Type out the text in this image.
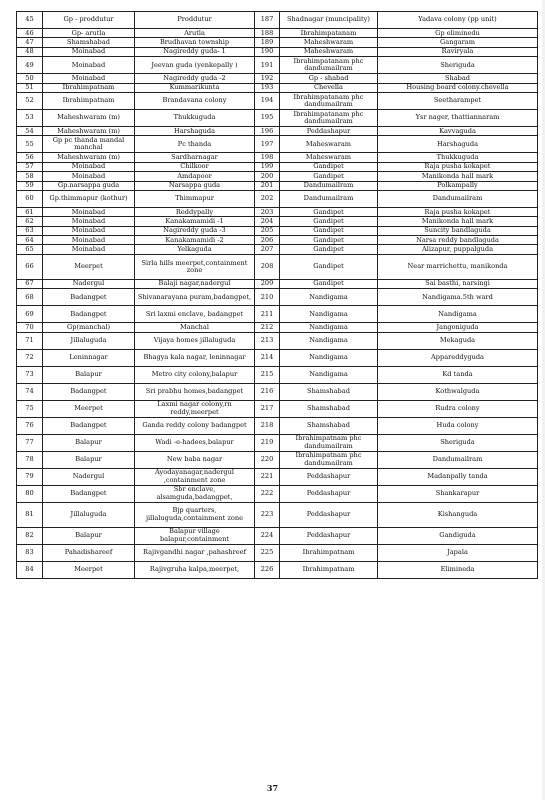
45	Gp - proddutur	Proddutur	187	Shadnagar (muncipality)	Yadava colony (pp unit)
46	Gp- arutla	Arutla	188	Ibrahimpatanam	Gp eliminedu
47	Shamshabad	Brudhavan township	189	Maheshwaram	Gangaram
48	Moinabad	Nagireddy guda- 1	190	Maheshwaram	Raviryala
49	Moinabad	Jeevan guda (yenkepally )	191	Ibrahimpatanam phc dandumailram	Sheriguda
50	Moinabad	Nagireddy guda -2	192	Gp - shabad	Shabad
51	Ibrahimpatnam	Kummarikunta	193	Chevella	Housing board colony.chevella
52	Ibrahimpatnam	Brandavana colony	194	Ibrahimpatanam phc dandumailram	Seetharampet
53	Maheshwaram (m)	Thukkuguda	195	Ibrahimpatanam phc dandumailram	Ysr nager, thattiannaram
54	Maheshwaram (m)	Harshaguda	196	Peddashapur	Kavvaguda
55	Gp pc thanda mandal manchal	Pc thanda	197	Maheswaram	Harshaguda
56	Maheshwaram (m)	Sardharnagar	198	Maheswaram	Thukkuguda
57	Moinabad	Chilkoor	199	Gandipet	Raja pusha kokapet
58	Moinabad	Amdapoor	200	Gandipet	Manikonda hall mark
59	Gp.narsappa guda	Narsappa guda	201	Dandumailram	Polkampally
60	Gp.thimmapur (kothur)	Thimmapur	202	Dandumailram	Dandumailram
61	Moinabad	Reddypally	203	Gandipet	Raja pusha kokapet
62	Moinabad	Kanakamamidi -1	204	Gandipet	Manikonda hall mark
63	Moinabad	Nagireddy guda -3	205	Gandipet	Suncity bandlaguda
64	Moinabad	Kanakamamidi -2	206	Gandipet	Narsa reddy bandlaguda
65	Moinabad	Yelkaguda	207	Gandipet	Alizapur, puppalguda
66	Meerpet	Sirla hills meerpet,containment zone	208	Gandipet	Near marrichettu, manikonda
67	Nadergul	Balaji nagar,nadergul	209	Gandipet	Sai basthi, narsingi
68	Badangpet	Shivanarayana puram,badangpet,	210	Nandigama	Nandigama.5th ward
69	Badangpet	Sri laxmi enclave, badangpet	211	Nandigama	Nandigama
70	Gp(manchal)	Manchal	212	Nandigama	Jangoniguda
71	Jillaluguda	Vijaya homes jillaluguda	213	Nandigama	Mekaguda
72	Leninnagar	Bhagya kala nagar, leninnagar	214	Nandigama	Appareddyguda
73	Balapur	Metro city colony,balapur	215	Nandigama	Kd tanda
74	Badangpet	Sri prabhu homes,badangpet	216	Shamshabad	Kothwalguda
75	Meerpet	Laxmi nagar colony,rn reddy,meerpet	217	Shamshabad	Rudra colony
76	Badangpet	Ganda reddy colony badangpet	218	Shamshabad	Huda colony
77	Balapur	Wadi -e-hadees,balapur	219	Ibrahimpatnam phc dandumailram	Sheriguda
78	Balapur	New baba nagar	220	Ibrahimpatnam phc dandumailram	Dandumailram
79	Nadergul	Ayodayanagar,nadergul ,containment zone	221	Peddashapur	Madanpally tanda
80	Badangpet	Sbr enclave, alsamguda,badangpet,	222	Peddashapur	Shankarapur
81	Jillaluguda	Bjp quarters, jillaluguda,containment zone	223	Peddashapur	Kishanguda
82	Balapur	Balapur village balapur,containment	224	Peddashapur	Gandiguda
83	Pahadishareef	Rajivgandhi nagar ,pahashreef	225	Ibrahimpatnam	Japala
84	Meerpet	Rajivgruha kalpa,meerpet,	226	Ibrahimpatnam	Elimineda
37
